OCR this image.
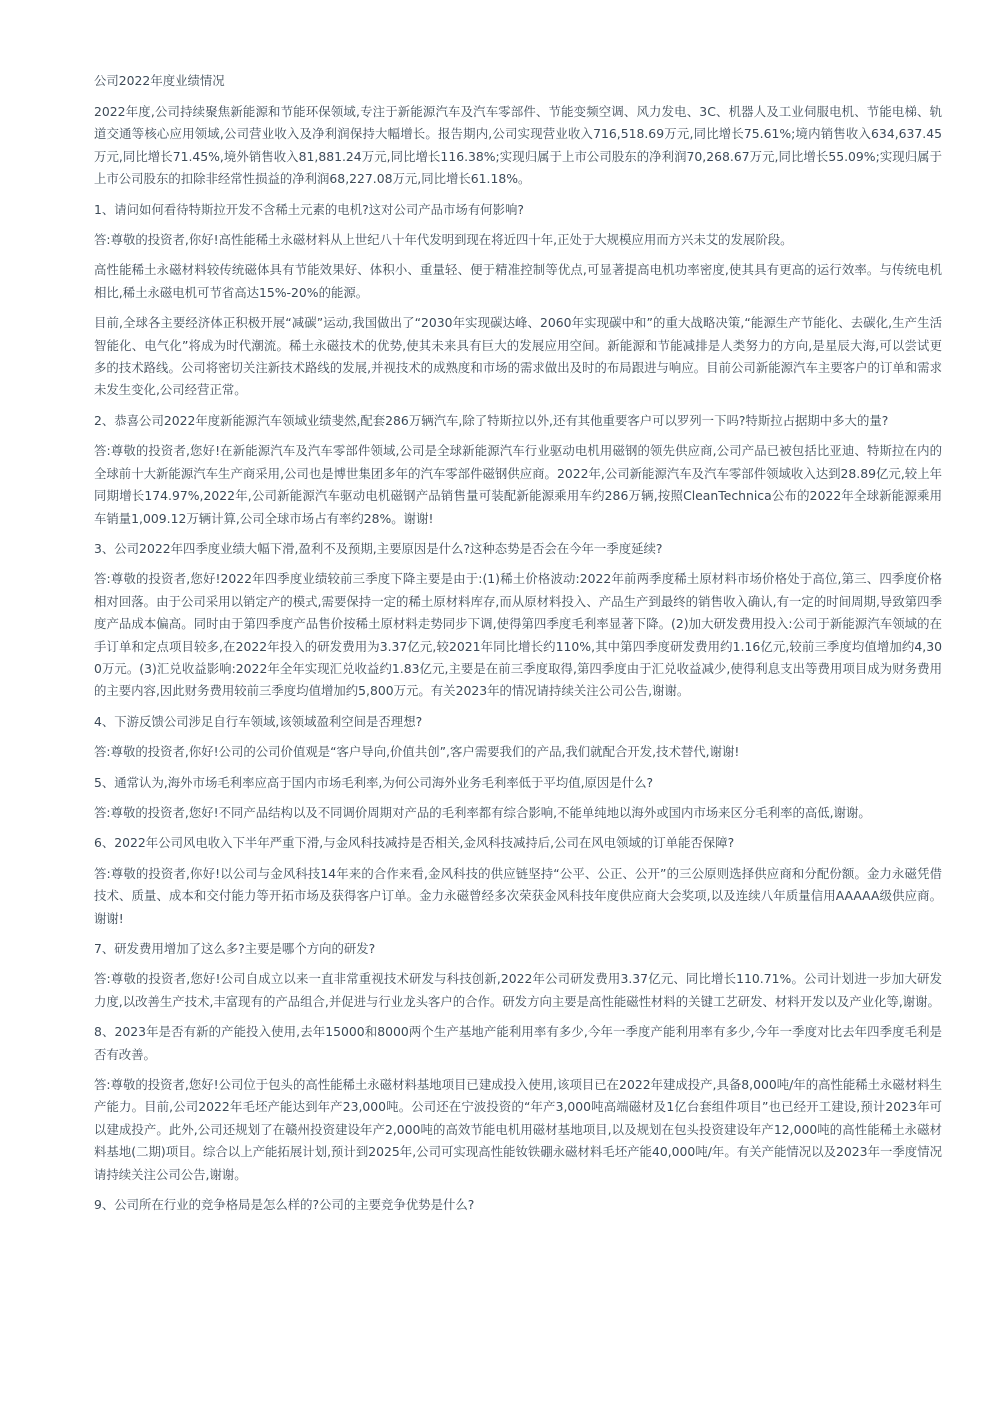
公司2022年度业绩情况

2022年度,公司持续聚焦新能源和节能环保领域,专注于新能源汽车及汽车零部件、节能变频空调、风力发电、3C、机器人及工业伺服电机、节能电梯、轨道交通等核心应用领域,公司营业收入及净利润保持大幅增长。报告期内,公司实现营业收入716,518.69万元,同比增长75.61%;境内销售收入634,637.45万元,同比增长71.45%,境外销售收入81,881.24万元,同比增长116.38%;实现归属于上市公司股东的净利润70,268.67万元,同比增长55.09%;实现归属于上市公司股东的扣除非经常性损益的净利润68,227.08万元,同比增长61.18%。

1、请问如何看待特斯拉开发不含稀土元素的电机?这对公司产品市场有何影响?

答:尊敬的投资者,你好!高性能稀土永磁材料从上世纪八十年代发明到现在将近四十年,正处于大规模应用而方兴未艾的发展阶段。

高性能稀土永磁材料较传统磁体具有节能效果好、体积小、重量轻、便于精准控制等优点,可显著提高电机功率密度,使其具有更高的运行效率。与传统电机相比,稀土永磁电机可节省高达15%-20%的能源。

目前,全球各主要经济体正积极开展“减碳”运动,我国做出了“2030年实现碳达峰、2060年实现碳中和”的重大战略决策,“能源生产节能化、去碳化,生产生活智能化、电气化”将成为时代潮流。稀土永磁技术的优势,使其未来具有巨大的发展应用空间。新能源和节能减排是人类努力的方向,是星辰大海,可以尝试更多的技术路线。公司将密切关注新技术路线的发展,并视技术的成熟度和市场的需求做出及时的布局跟进与响应。目前公司新能源汽车主要客户的订单和需求未发生变化,公司经营正常。

2、恭喜公司2022年度新能源汽车领域业绩斐然,配套286万辆汽车,除了特斯拉以外,还有其他重要客户可以罗列一下吗?特斯拉占据期中多大的量?

答:尊敬的投资者,您好!在新能源汽车及汽车零部件领域,公司是全球新能源汽车行业驱动电机用磁钢的领先供应商,公司产品已被包括比亚迪、特斯拉在内的全球前十大新能源汽车生产商采用,公司也是博世集团多年的汽车零部件磁钢供应商。2022年,公司新能源汽车及汽车零部件领域收入达到28.89亿元,较上年同期增长174.97%,2022年,公司新能源汽车驱动电机磁钢产品销售量可装配新能源乘用车约286万辆,按照CleanTechnica公布的2022年全球新能源乘用车销量1,009.12万辆计算,公司全球市场占有率约28%。谢谢!

3、公司2022年四季度业绩大幅下滑,盈利不及预期,主要原因是什么?这种态势是否会在今年一季度延续?

答:尊敬的投资者,您好!2022年四季度业绩较前三季度下降主要是由于:(1)稀土价格波动:2022年前两季度稀土原材料市场价格处于高位,第三、四季度价格相对回落。由于公司采用以销定产的模式,需要保持一定的稀土原材料库存,而从原材料投入、产品生产到最终的销售收入确认,有一定的时间周期,导致第四季度产品成本偏高。同时由于第四季度产品售价按稀土原材料走势同步下调,使得第四季度毛利率显著下降。(2)加大研发费用投入:公司于新能源汽车领域的在手订单和定点项目较多,在2022年投入的研发费用为3.37亿元,较2021年同比增长约110%,其中第四季度研发费用约1.16亿元,较前三季度均值增加约4,300万元。(3)汇兑收益影响:2022年全年实现汇兑收益约1.83亿元,主要是在前三季度取得,第四季度由于汇兑收益减少,使得利息支出等费用项目成为财务费用的主要内容,因此财务费用较前三季度均值增加约5,800万元。有关2023年的情况请持续关注公司公告,谢谢。

4、下游反馈公司涉足自行车领域,该领域盈利空间是否理想?

答:尊敬的投资者,你好!公司的公司价值观是“客户导向,价值共创”,客户需要我们的产品,我们就配合开发,技术替代,谢谢!

5、通常认为,海外市场毛利率应高于国内市场毛利率,为何公司海外业务毛利率低于平均值,原因是什么?

答:尊敬的投资者,您好!不同产品结构以及不同调价周期对产品的毛利率都有综合影响,不能单纯地以海外或国内市场来区分毛利率的高低,谢谢。

6、2022年公司风电收入下半年严重下滑,与金风科技减持是否相关,金风科技减持后,公司在风电领域的订单能否保障?

答:尊敬的投资者,你好!以公司与金风科技14年来的合作来看,金风科技的供应链坚持“公平、公正、公开”的三公原则选择供应商和分配份额。金力永磁凭借技术、质量、成本和交付能力等开拓市场及获得客户订单。金力永磁曾经多次荣获金风科技年度供应商大会奖项,以及连续八年质量信用AAAAA级供应商。谢谢!

7、研发费用增加了这么多?主要是哪个方向的研发?

答:尊敬的投资者,您好!公司自成立以来一直非常重视技术研发与科技创新,2022年公司研发费用3.37亿元、同比增长110.71%。公司计划进一步加大研发力度,以改善生产技术,丰富现有的产品组合,并促进与行业龙头客户的合作。研发方向主要是高性能磁性材料的关键工艺研发、材料开发以及产业化等,谢谢。

8、2023年是否有新的产能投入使用,去年15000和8000两个生产基地产能利用率有多少,今年一季度产能利用率有多少,今年一季度对比去年四季度毛利是否有改善。

答:尊敬的投资者,您好!公司位于包头的高性能稀土永磁材料基地项目已建成投入使用,该项目已在2022年建成投产,具备8,000吨/年的高性能稀土永磁材料生产能力。目前,公司2022年毛坯产能达到年产23,000吨。公司还在宁波投资的“年产3,000吨高端磁材及1亿台套组件项目”也已经开工建设,预计2023年可以建成投产。此外,公司还规划了在赣州投资建设年产2,000吨的高效节能电机用磁材基地项目,以及规划在包头投资建设年产12,000吨的高性能稀土永磁材料基地(二期)项目。综合以上产能拓展计划,预计到2025年,公司可实现高性能钕铁硼永磁材料毛坯产能40,000吨/年。有关产能情况以及2023年一季度情况请持续关注公司公告,谢谢。

9、公司所在行业的竞争格局是怎么样的?公司的主要竞争优势是什么?
